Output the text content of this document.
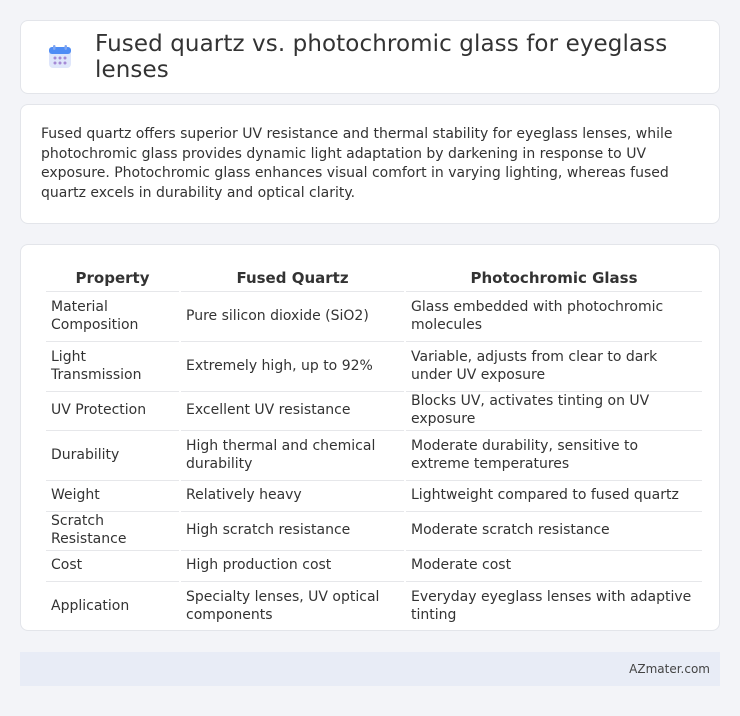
Fused quartz vs. photochromic glass for eyeglass lenses

Fused quartz offers superior UV resistance and thermal stability for eyeglass lenses, while photochromic glass provides dynamic light adaptation by darkening in response to UV exposure. Photochromic glass enhances visual comfort in varying lighting, whereas fused quartz excels in durability and optical clarity.

Property	Fused Quartz	Photochromic Glass
Material Composition	Pure silicon dioxide (SiO2)	Glass embedded with photochromic molecules
Light Transmission	Extremely high, up to 92%	Variable, adjusts from clear to dark under UV exposure
UV Protection	Excellent UV resistance	Blocks UV, activates tinting on UV exposure
Durability	High thermal and chemical durability	Moderate durability, sensitive to extreme temperatures
Weight	Relatively heavy	Lightweight compared to fused quartz
Scratch Resistance	High scratch resistance	Moderate scratch resistance
Cost	High production cost	Moderate cost
Application	Specialty lenses, UV optical components	Everyday eyeglass lenses with adaptive tinting
AZmater.com
